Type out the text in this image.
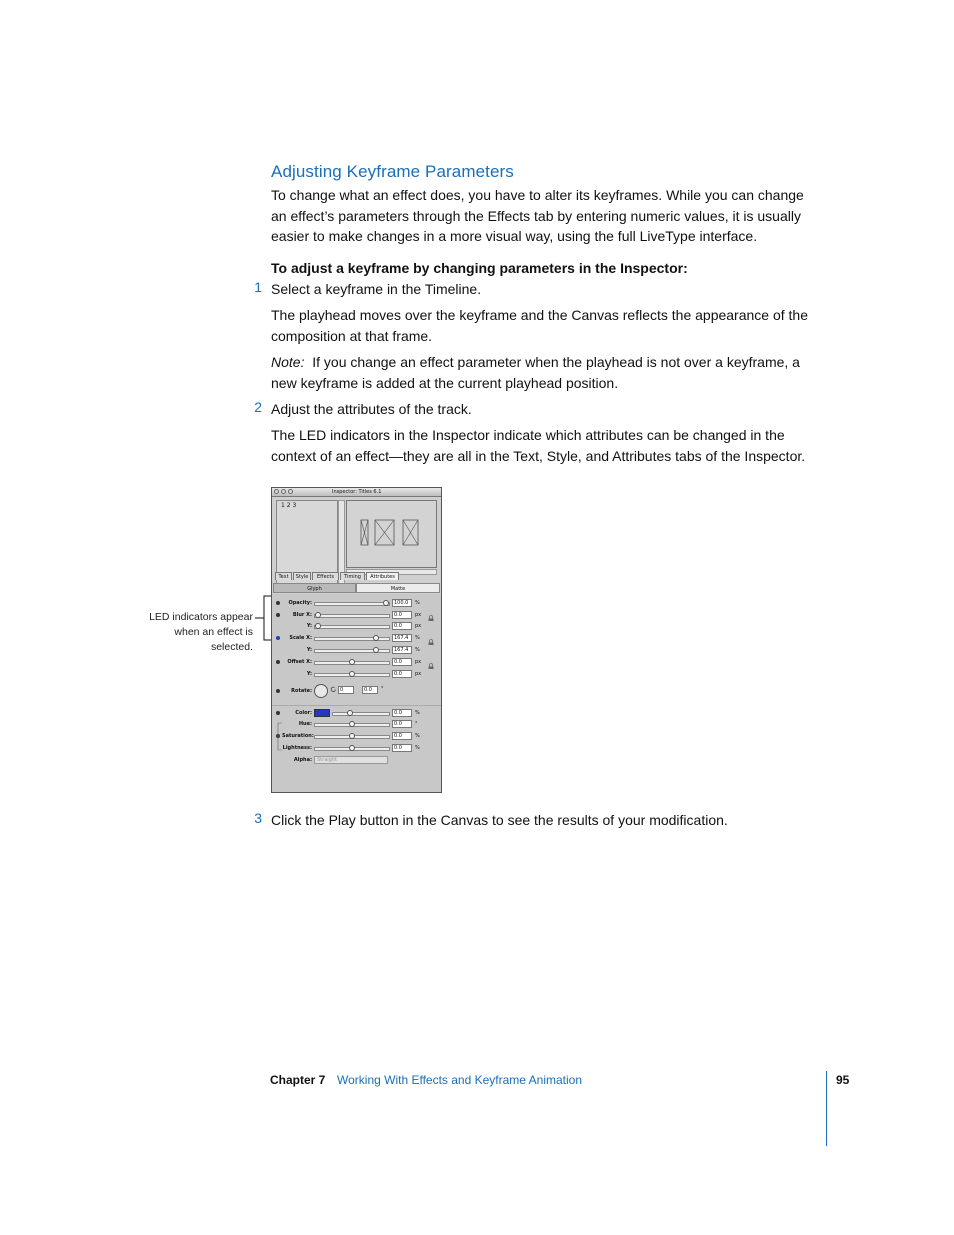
Adjusting Keyframe Parameters
To change what an effect does, you have to alter its keyframes. While you can change
an effect’s parameters through the Effects tab by entering numeric values, it is usually
easier to make changes in a more visual way, using the full LiveType interface.
To adjust a keyframe by changing parameters in the Inspector:
1 Select a keyframe in the Timeline.
The playhead moves over the keyframe and the Canvas reflects the appearance of the
composition at that frame.
Note: If you change an effect parameter when the playhead is not over a keyframe, a
new keyframe is added at the current playhead position.
2 Adjust the attributes of the track.
The LED indicators in the Inspector indicate which attributes can be changed in the
context of an effect—they are all in the Text, Style, and Attributes tabs of the Inspector.
LED indicators appear
when an effect is
selected.
Inspector: Titles 6.1
1 2 3
Text	Style	Effects	Timing	Attributes
Glyph	Matte
Opacity:	100.0	%
Blur X:	0.0	px
Y:	0.0	px
Scale X:	167.4	%
Y:	167.4	%
Offset X:	0.0	px
Y:	0.0	px
Rotate:	0	0.0	°
Color:	0.0	%
Hue:	0.0	°
Saturation:	0.0	%
Lightness:	0.0	%
Alpha:	Straight
3 Click the Play button in the Canvas to see the results of your modification.
Chapter 7 Working With Effects and Keyframe Animation	95
